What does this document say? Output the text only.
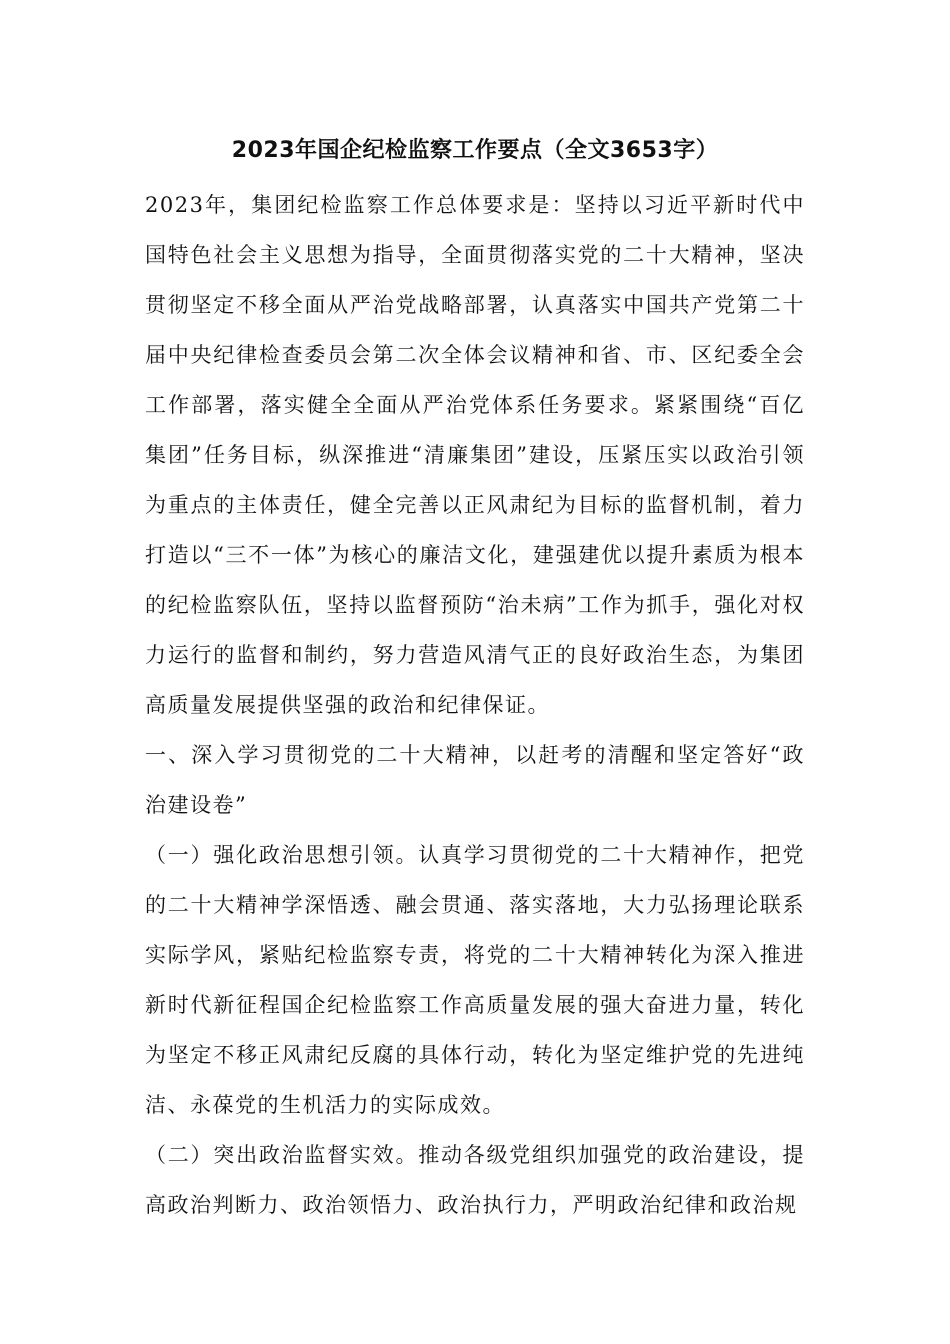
2023年国企纪检监察工作要点（全文3653字）

2023年，集团纪检监察工作总体要求是：坚持以习近平新时代中国特色社会主义思想为指导，全面贯彻落实党的二十大精神，坚决贯彻坚定不移全面从严治党战略部署，认真落实中国共产党第二十届中央纪律检查委员会第二次全体会议精神和省、市、区纪委全会工作部署，落实健全全面从严治党体系任务要求。紧紧围绕“百亿集团”任务目标，纵深推进“清廉集团”建设，压紧压实以政治引领为重点的主体责任，健全完善以正风肃纪为目标的监督机制，着力打造以“三不一体”为核心的廉洁文化，建强建优以提升素质为根本的纪检监察队伍，坚持以监督预防“治未病”工作为抓手，强化对权力运行的监督和制约，努力营造风清气正的良好政治生态，为集团高质量发展提供坚强的政治和纪律保证。

一、深入学习贯彻党的二十大精神，以赶考的清醒和坚定答好“政治建设卷”

（一）强化政治思想引领。认真学习贯彻党的二十大精神作，把党的二十大精神学深悟透、融会贯通、落实落地，大力弘扬理论联系实际学风，紧贴纪检监察专责，将党的二十大精神转化为深入推进新时代新征程国企纪检监察工作高质量发展的强大奋进力量，转化为坚定不移正风肃纪反腐的具体行动，转化为坚定维护党的先进纯洁、永葆党的生机活力的实际成效。

（二）突出政治监督实效。推动各级党组织加强党的政治建设，提高政治判断力、政治领悟力、政治执行力，严明政治纪律和政治规
